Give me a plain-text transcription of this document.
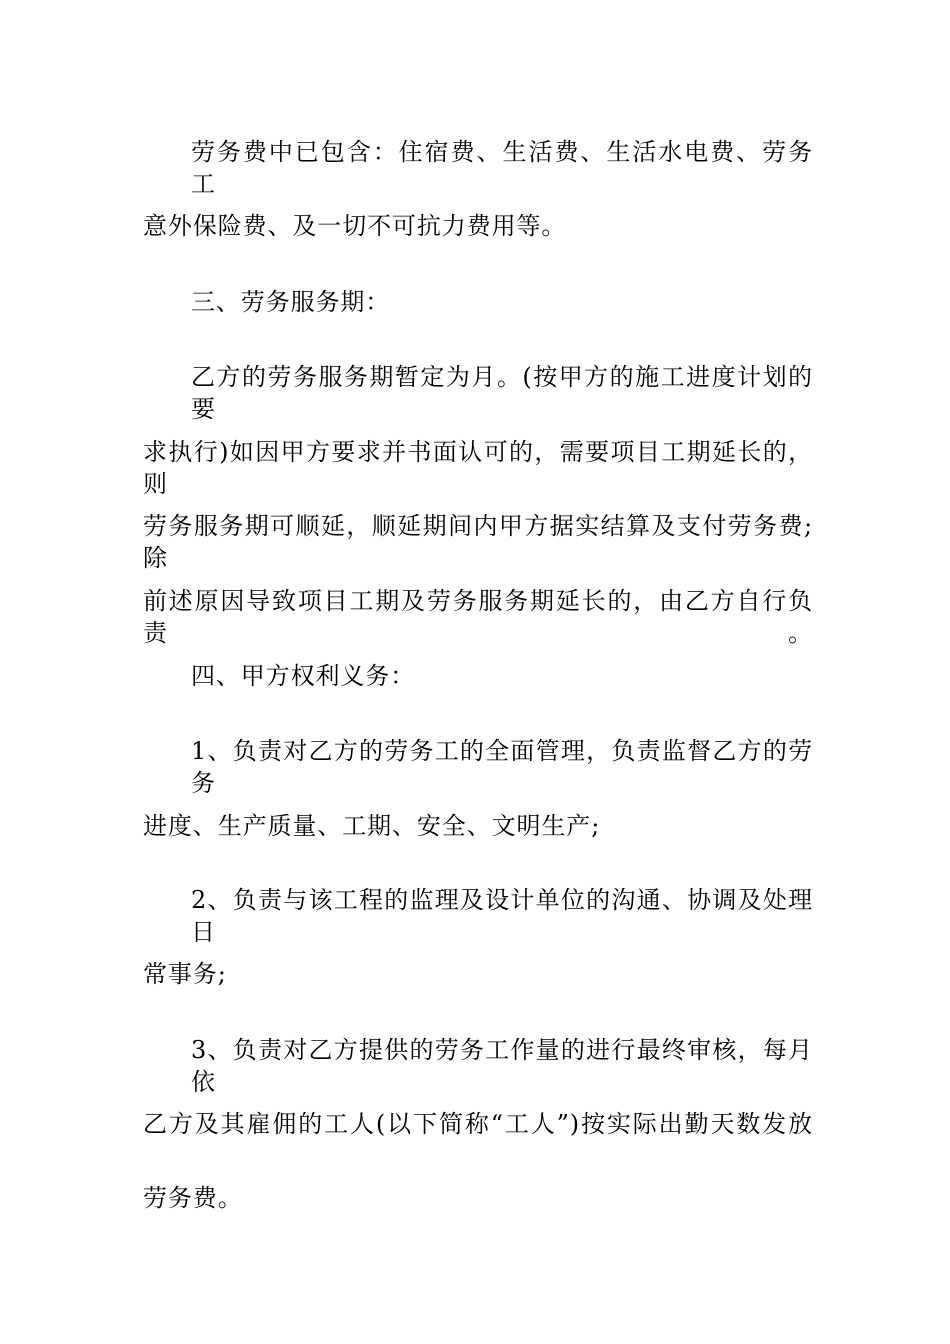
劳务费中已包含：住宿费、生活费、生活水电费、劳务工
意外保险费、及一切不可抗力费用等。
三、劳务服务期：
乙方的劳务服务期暂定为月。(按甲方的施工进度计划的要
求执行)如因甲方要求并书面认可的，需要项目工期延长的，则
劳务服务期可顺延，顺延期间内甲方据实结算及支付劳务费;除
前述原因导致项目工期及劳务服务期延长的，由乙方自行负责。
四、甲方权利义务：
1、负责对乙方的劳务工的全面管理，负责监督乙方的劳务
进度、生产质量、工期、安全、文明生产;
2、负责与该工程的监理及设计单位的沟通、协调及处理日
常事务;
3、负责对乙方提供的劳务工作量的进行最终审核，每月依
乙方及其雇佣的工人(以下简称“工人”)按实际出勤天数发放
劳务费。
